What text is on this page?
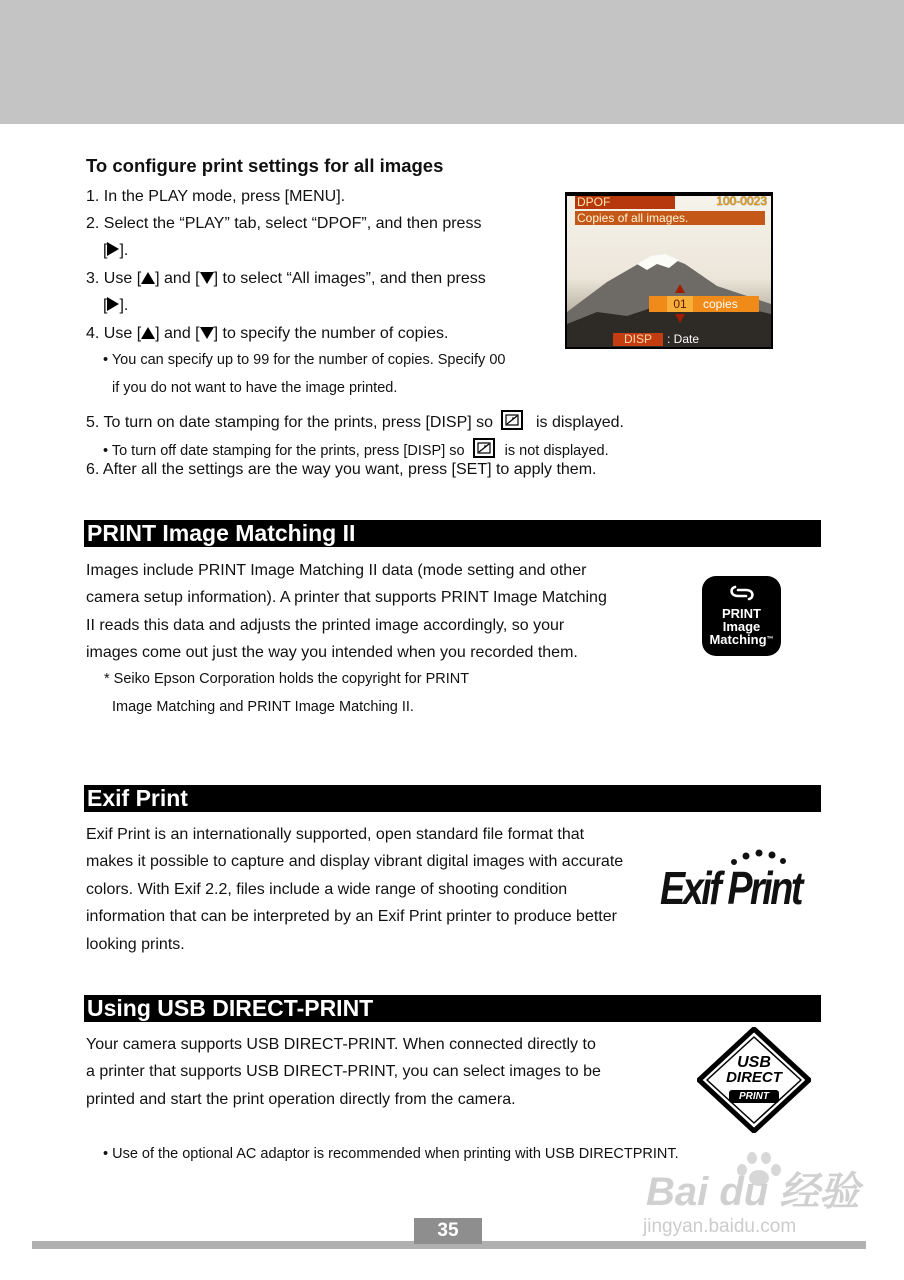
To configure print settings for all images
1. In the PLAY mode, press [MENU].
2. Select the “PLAY” tab, select “DPOF”, and then press
[ ].
3. Use [ ] and [ ] to select “All images”, and then press
[ ].
4. Use [ ] and [ ] to specify the number of copies.
• You can specify up to 99 for the number of copies. Specify 00
if you do not want to have the image printed.
5. To turn on date stamping for the prints, press [DISP] so	is displayed.
• To turn off date stamping for the prints, press [DISP] so	is not displayed.
6. After all the settings are the way you want, press [SET] to apply them.
DPOF	100-0023
Copies of all images.
01	copies
DISP	: Date
PRINT Image Matching II
Images include PRINT Image Matching II data (mode setting and other
camera setup information). A printer that supports PRINT Image Matching
II reads this data and adjusts the printed image accordingly, so your
images come out just the way you intended when you recorded them.
* Seiko Epson Corporation holds the copyright for PRINT
Image Matching and PRINT Image Matching II.
PRINT
Image
Matching™
Exif Print
Exif Print is an internationally supported, open standard file format that
makes it possible to capture and display vibrant digital images with accurate
colors. With Exif 2.2, files include a wide range of shooting condition
information that can be interpreted by an Exif Print printer to produce better
looking prints.
Exif Print
Using USB DIRECT-PRINT
Your camera supports USB DIRECT-PRINT. When connected directly to
a printer that supports USB DIRECT-PRINT, you can select images to be
printed and start the print operation directly from the camera.
• Use of the optional AC adaptor is recommended when printing with USB DIRECTPRINT.
USB
DIRECT
PRINT
35
Bai du 经验
jingyan.baidu.com
